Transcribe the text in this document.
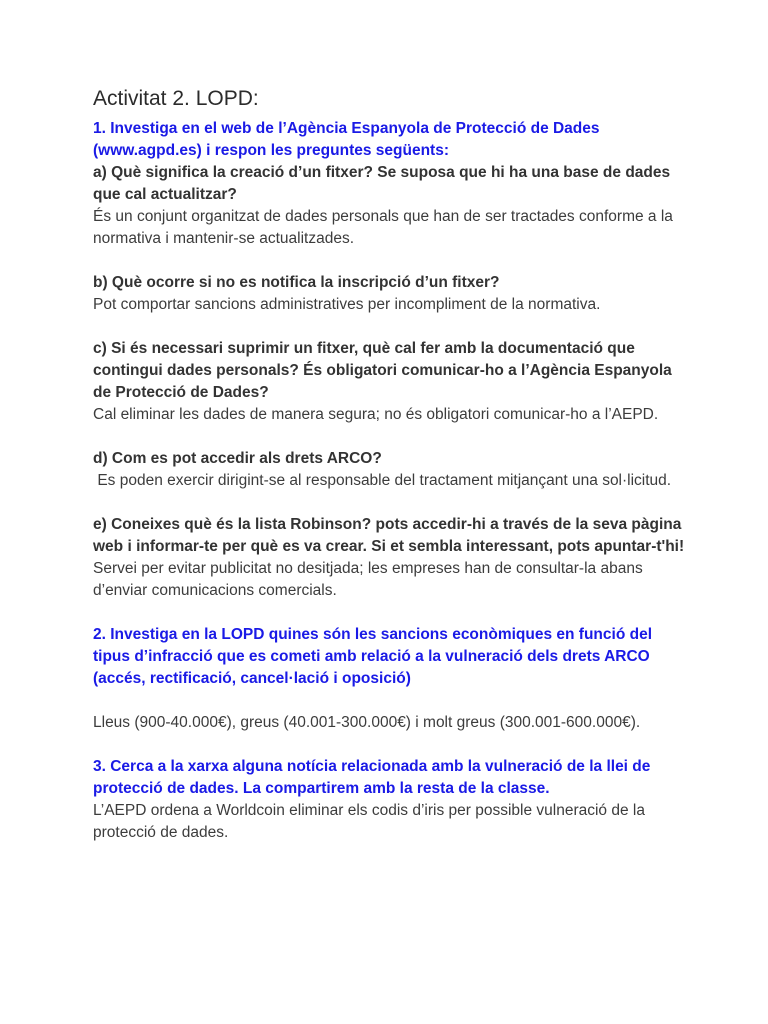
Activitat 2. LOPD:

1. Investiga en el web de l’Agència Espanyola de Protecció de Dades (www.agpd.es) i respon les preguntes següents:

a) Què significa la creació d’un fitxer? Se suposa que hi ha una base de dades que cal actualitzar?

És un conjunt organitzat de dades personals que han de ser tractades conforme a la normativa i mantenir-se actualitzades.

b) Què ocorre si no es notifica la inscripció d’un fitxer?

Pot comportar sancions administratives per incompliment de la normativa.

c) Si és necessari suprimir un fitxer, què cal fer amb la documentació que contingui dades personals? És obligatori comunicar-ho a l’Agència Espanyola de Protecció de Dades?

Cal eliminar les dades de manera segura; no és obligatori comunicar-ho a l’AEPD.

d) Com es pot accedir als drets ARCO?

Es poden exercir dirigint-se al responsable del tractament mitjançant una sol·licitud.

e) Coneixes què és la lista Robinson? pots accedir-hi a través de la seva pàgina web i informar-te per què es va crear. Si et sembla interessant, pots apuntar-t'hi!

Servei per evitar publicitat no desitjada; les empreses han de consultar-la abans d’enviar comunicacions comercials.

2. Investiga en la LOPD quines són les sancions econòmiques en funció del tipus d’infracció que es cometi amb relació a la vulneració dels drets ARCO (accés, rectificació, cancel·lació i oposició)

Lleus (900-40.000€), greus (40.001-300.000€) i molt greus (300.001-600.000€).

3. Cerca a la xarxa alguna notícia relacionada amb la vulneració de la llei de protecció de dades. La compartirem amb la resta de la classe.

L’AEPD ordena a Worldcoin eliminar els codis d’iris per possible vulneració de la protecció de dades.
